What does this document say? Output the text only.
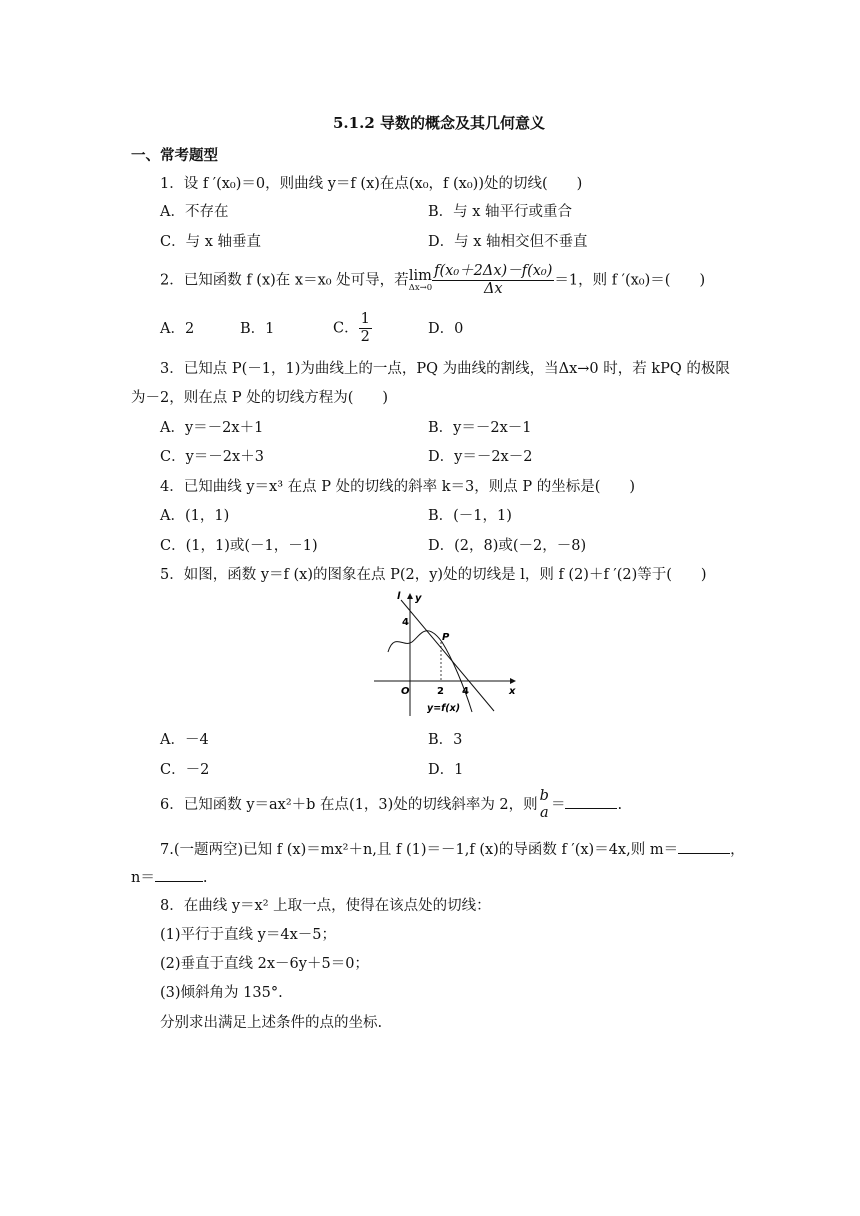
5.1.2 导数的概念及其几何意义
一、常考题型
1．设 f ′(x₀)＝0，则曲线 y＝f (x)在点(x₀，f (x₀))处的切线(　　)
A．不存在	B．与 x 轴平行或重合
C．与 x 轴垂直	D．与 x 轴相交但不垂直
2．已知函数 f (x)在 x＝x₀ 处可导，若lim
$\Delta x\to 0 \frac{\text{f(x₀＋2Δx)－f(x₀)}}{\Delta x} =1$，则 f ′(x₀)＝(　　)
A．2	B．1	C． $\frac{1}{2}$	D．0
3．已知点 P(－1，1)为曲线上的一点，PQ 为曲线的割线，当Δx→0 时，若 kPQ 的极限
为－2，则在点 P 处的切线方程为(　　)
A．y＝－2x＋1	B．y＝－2x－1
C．y＝－2x＋3	D．y＝－2x－2
4．已知曲线 y＝x³ 在点 P 处的切线的斜率 k＝3，则点 P 的坐标是(　　)
A．(1，1)	B．(－1，1)
C．(1，1)或(－1，－1)	D．(2，8)或(－2，－8)
5．如图，函数 y＝f (x)的图象在点 P(2，y)处的切线是 l，则 f (2)＋f ′(2)等于(　　)
l y
4
P
O	2 4	x
y=f(x)
A．－4	B．3
C．－2	D．1
6．已知函数 y＝ax²＋b 在点(1，3)处的切线斜率为 2，则
b
a ＝	.
7.(一题两空)已知 f (x)＝mx²＋n,且 f (1)＝－1,f (x)的导函数 f ′(x)＝4x,则 m＝	，
n＝	.
8．在曲线 y＝x² 上取一点，使得在该点处的切线：
(1)平行于直线 y＝4x－5；
(2)垂直于直线 2x－6y＋5＝0；
(3)倾斜角为 135°.
分别求出满足上述条件的点的坐标.
